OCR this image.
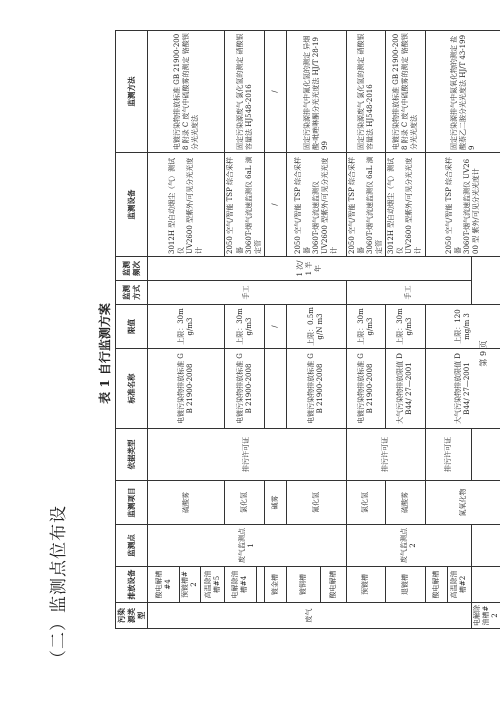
（二）监测点位布设
表 1 自行监测方案
污染源类型	排放设备	监测点	监测项目	依据类型	标准名称	限值	监测方式	监测频次	监测设备	监测方法
废气	酸电解槽#4	废气监测点 1	硫酸雾	排污许可证	电镀污染物排放标准 GB 21900-2008	上限：30mg/m3	手工	1 次/1 半年	3012H 型自动烟尘（气）测试仪 UV2600 型紫外/可见分光光度计	电镀污染物排放标准 GB 21900-2008 附录 C 废气中硫酸雾的测定 铬酸钡分光光度法
	预镀槽#2									
	高温除油槽#5									
	电解除油槽#4		氯化氢		电镀污染物排放标准 GB 21900-2008	上限：30mg/m3			2050 空气/智能 TSP 综合采样器 3060T-烟气流速监测仪 6aL 滴定管	固定污染源废气 氯化氢的测定 硝酸银容量法 HJ548-2016

	镀金槽		碱雾			/			/	/
	镀铜槽		氰化氢		电镀污染物排放标准 GB 21900-2008	上限：0.5mg/N m3			2050 空气/智能 TSP 综合采样器 3060T-烟气流速监测仪 UV2600 型紫外/可见分光光度计	固定污染源排气中氰化氢的测定 异烟酸-吡唑啉酮分光光度法 HJ/T 28-1999
	酸电解槽									
	预镀槽	废气监测点 2	氯化氢	排污许可证	电镀污染物排放标准 GB 21900-2008	上限：30mg/m3	手工		2050 空气/智能 TSP 综合采样器 3060T-烟气流速监测仪 6aL 滴定管	固定污染源废气 氯化氢的测定 硝酸银容量法 HJ548-2016
	退镀槽		硫酸雾		大气污染物排放限值 DB44/ 27—2001	上限：30mg/m3			3012H 型自动烟尘（气）测试仪 UV2600 型紫外/可见分光光度计	电镀污染物排放标准 GB 21900-2008 附录 C 废气中硫酸雾的测定 铬酸钡分光光度法
	酸电解槽		氮氧化物	排污许可证	大气污染物排放限值 DB44/ 27—2001	上限：120mg/m 3			2050 空气/智能 TSP 综合采样器 3060T-烟气流速监测仪 UV2600 型 紫外/可见分光光度计	固定污染源排气中氮氧化物的测定 盐酸萘乙二胺分光光度法 HJ/T 43-1999
	高温除油槽#2									
电解除油槽#2										
第 9 页
